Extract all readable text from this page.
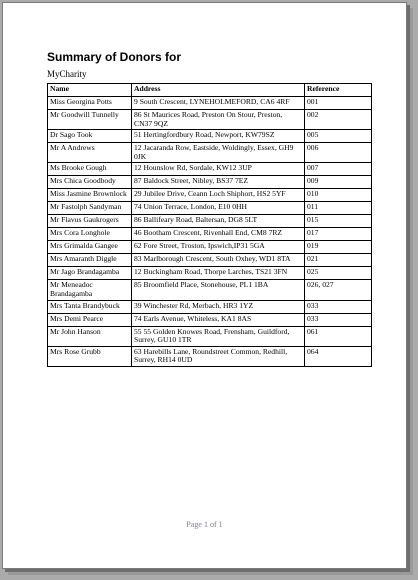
Summary of Donors for
MyCharity
Name	Address	Reference
Miss Georgina Potts	9 South Crescent, LYNEHOLMEFORD, CA6 4RF	001
Mr Goodwill Tunnelly	86 St Maurices Road, Preston On Stour, Preston, CN37 9QZ	002
Dr Sago Took	51 Hertingfordbury Road, Newport, KW79SZ	005
Mr A Andrews	12 Jacaranda Row, Eastside, Woldingly, Essex, GH9 0JK	006
Ms Brooke Gough	12 Hounslow Rd, Sordale, KW12 3UP	007
Mrs Chica Goodbody	87 Baldock Street, Nibley, BS37 7EZ	009
Miss Jasmine Brownlock	29 Jubilee Drive, Ceann Loch Shiphort, HS2 5YF	010
Mr Fastolph Sandyman	74 Union Terrace, London, E10 0HH	011
Mr Flavus Gaukrogers	86 Ballifeary Road, Baltersan, DG8 5LT	015
Mrs Cora Longhole	46 Bootham Crescent, Rivenhall End, CM8 7RZ	017
Mrs Grimalda Gangee	62 Fore Street, Troston, Ipswich,IP31 5GA	019
Mrs Amaranth Diggle	83 Marlborough Crescent, South Oxhey, WD1 8TA	021
Mr Jago Brandagamba	12 Buckingham Road, Thorpe Larches, TS21 3FN	025
Mr Meneadoc Brandagamba	85 Broomfield Place, Stonehouse, PL1 1BA	026, 027
Mrs Tanta Brandybuck	39 Winchester Rd, Merbach, HR3 1YZ	033
Mrs Demi Pearce	74 Earls Avenue, Whiteless, KA1 8AS	033
Mr John Hanson	55 55 Golden Knowes Road, Frensham, Guildford, Surrey, GU10 1TR	061
Mrs Rose Grubb	63 Harebills Lane, Roundstreet Common, Redhill, Surrey, RH14 0UD	064
Page 1 of 1
